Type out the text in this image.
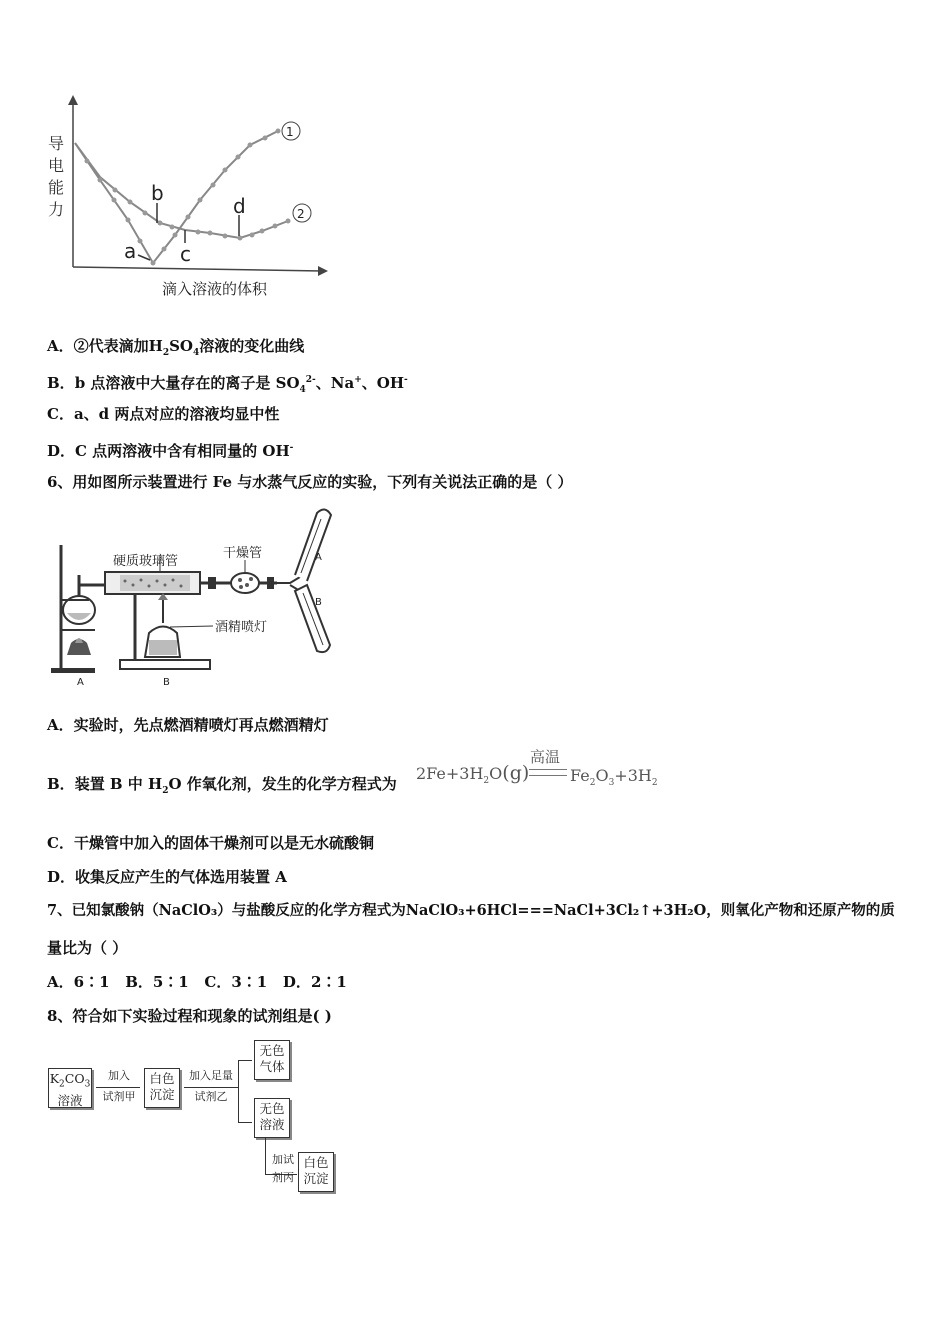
导
电
能
力
1
2
b
d
a c
滴入溶液的体积
A．②代表滴加$H_2SO_4$溶液的变化曲线
B．b 点溶液中大量存在的离子是 $SO_4^{2-}$、Na+、OH-
C．a、d 两点对应的溶液均显中性
D．C 点两溶液中含有相同量的 OH-
6、用如图所示装置进行 Fe 与水蒸气反应的实验，下列有关说法正确的是（ ）
A
硬质玻璃管
B
酒精喷灯
干燥管	A
B
A．实验时，先点燃酒精喷灯再点燃酒精灯
B．装置 B 中 $H_2O$ 作氧化剂，发生的化学方程式为
$2Fe+3H_2O(g)$
高温
$Fe_2O_3+3H_2$
C．干燥管中加入的固体干燥剂可以是无水硫酸铜
D．收集反应产生的气体选用装置 A
7、已知氯酸钠（NaClO₃）与盐酸反应的化学方程式为NaClO₃+6HCl===NaCl+3Cl₂↑+3H₂O，则氧化产物和还原产物的质
量比为（ ）
A．6∶1 B．5∶1 C．3∶1 D．2∶1
8、符合如下实验过程和现象的试剂组是( )
$K_2CO_3$
溶液
加入
试剂甲
白色
沉淀
加入足量
试剂乙
无色
气体
无色
溶液
加试
剂丙
白色
沉淀
